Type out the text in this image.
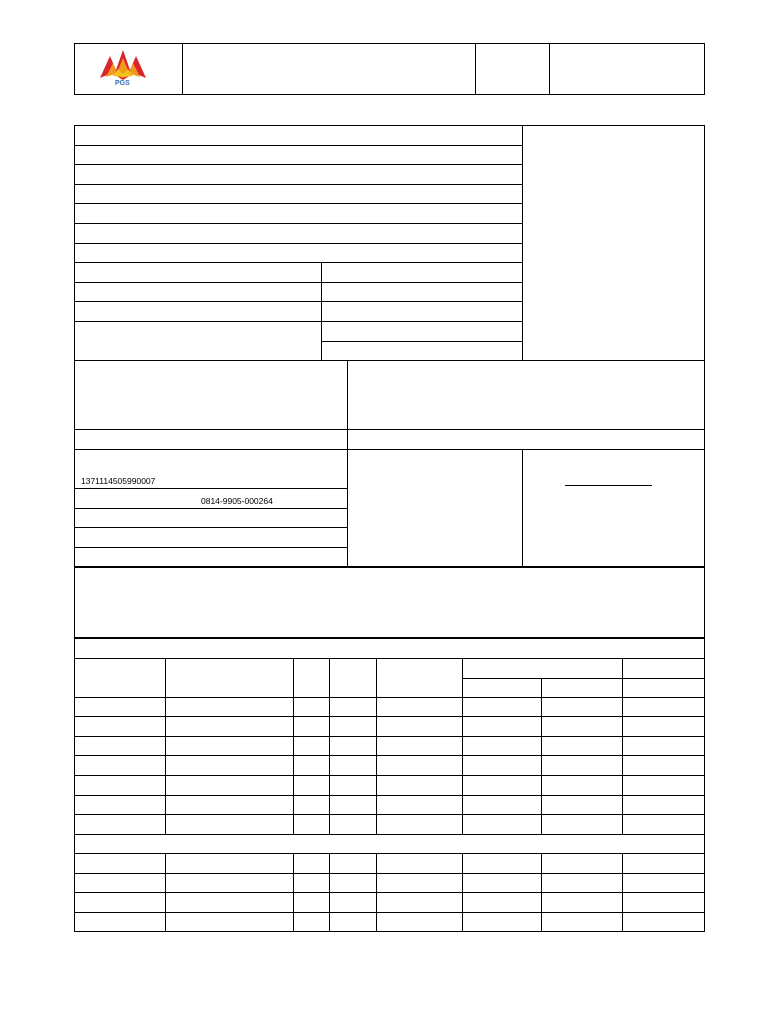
PGS
1371114505990007
0814-9905-000264
